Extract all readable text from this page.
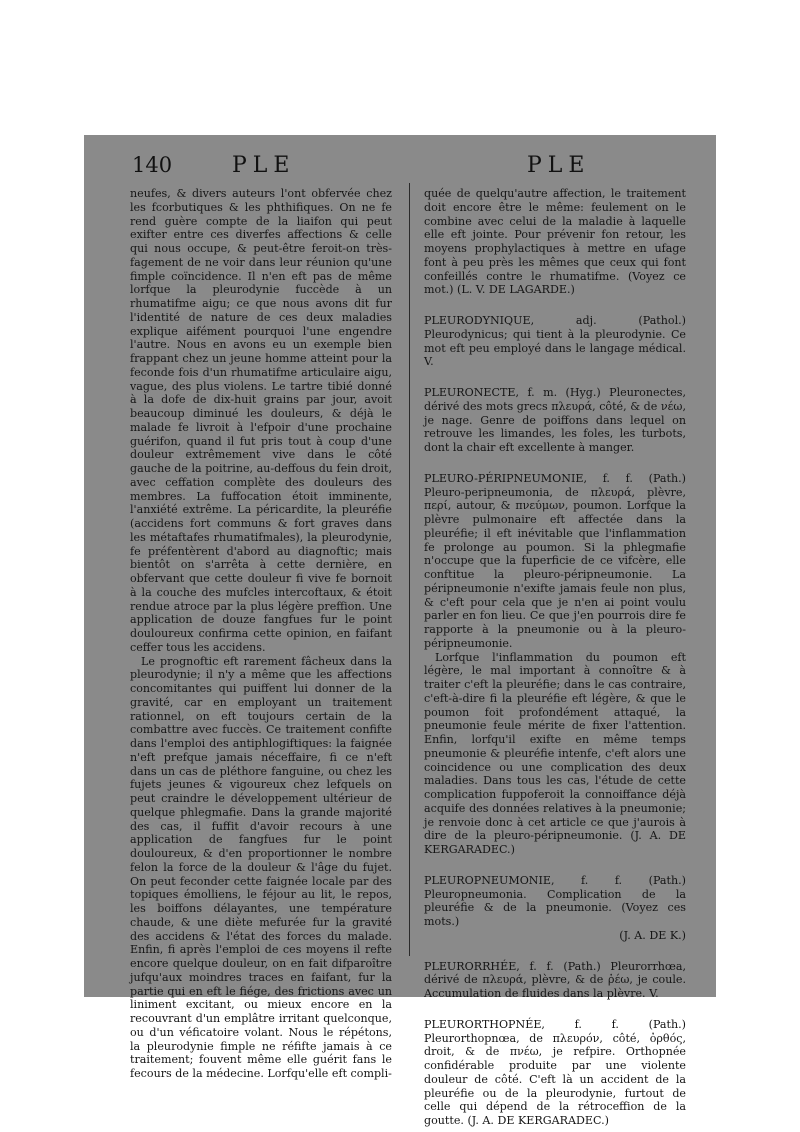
140	PLE	PLE

neufes, & divers auteurs l'ont obfervée chez les fcorbutiques & les phthifiques. On ne fe rend guère compte de la liaifon qui peut exifter entre ces diverfes affections & celle qui nous occupe, & peut-être feroit-on très-fagement de ne voir dans leur réunion qu'une fimple coïncidence. Il n'en eft pas de même lorfque la pleurodynie fuccède à un rhumatifme aigu; ce que nous avons dit fur l'identité de nature de ces deux maladies explique aifément pourquoi l'une engendre l'autre. Nous en avons eu un exemple bien frappant chez un jeune homme atteint pour la feconde fois d'un rhumatifme articulaire aigu, vague, des plus violens. Le tartre tibié donné à la dofe de dix-huit grains par jour, avoit beaucoup diminué les douleurs, & déjà le malade fe livroit à l'efpoir d'une prochaine guérifon, quand il fut pris tout à coup d'une douleur extrêmement vive dans le côté gauche de la poitrine, au-deffous du fein droit, avec ceffation complète des douleurs des membres. La fuffocation étoit imminente, l'anxiété extrême. La péricardite, la pleuréfie (accidens fort communs & fort graves dans les métaftafes rhumatifmales), la pleurodynie, fe préfentèrent d'abord au diagnoftic; mais bientôt on s'arrêta à cette dernière, en obfervant que cette douleur fi vive fe bornoit à la couche des mufcles intercoftaux, & étoit rendue atroce par la plus légère preffion. Une application de douze fangfues fur le point douloureux confirma cette opinion, en faifant ceffer tous les accidens.

Le prognoftic eft rarement fâcheux dans la pleurodynie; il n'y a même que les affections concomitantes qui puiffent lui donner de la gravité, car en employant un traitement rationnel, on eft toujours certain de la combattre avec fuccès. Ce traitement confifte dans l'emploi des antiphlogiftiques: la faignée n'eft prefque jamais néceffaire, fi ce n'eft dans un cas de pléthore fanguine, ou chez les fujets jeunes & vigoureux chez lefquels on peut craindre le développement ultérieur de quelque phlegmafie. Dans la grande majorité des cas, il fuffit d'avoir recours à une application de fangfues fur le point douloureux, & d'en proportionner le nombre felon la force de la douleur & l'âge du fujet. On peut feconder cette faignée locale par des topiques émolliens, le féjour au lit, le repos, les boiffons délayantes, une température chaude, & une diète mefurée fur la gravité des accidens & l'état des forces du malade. Enfin, fi après l'emploi de ces moyens il refte encore quelque douleur, on en fait difparoître jufqu'aux moindres traces en faifant, fur la partie qui en eft le fiége, des frictions avec un liniment excitant, ou mieux encore en la recouvrant d'un emplâtre irritant quelconque, ou d'un véficatoire volant. Nous le répétons, la pleurodynie fimple ne réfifte jamais à ce traitement; fouvent même elle guérit fans le fecours de la médecine. Lorfqu'elle eft compli-

quée de quelqu'autre affection, le traitement doit encore être le même: feulement on le combine avec celui de la maladie à laquelle elle eft jointe. Pour prévenir fon retour, les moyens prophylactiques à mettre en ufage font à peu près les mêmes que ceux qui font confeillés contre le rhumatifme. (Voyez ce mot.) (L. V. DE LAGARDE.)

PLEURODYNIQUE, adj. (Pathol.) Pleurodynicus; qui tient à la pleurodynie. Ce mot eft peu employé dans le langage médical. V.

PLEURONECTE, f. m. (Hyg.) Pleuronectes, dérivé des mots grecs πλευρά, côté, & de νέω, je nage. Genre de poiffons dans lequel on retrouve les limandes, les foles, les turbots, dont la chair eft excellente à manger.

PLEURO-PÉRIPNEUMONIE, f. f. (Path.) Pleuro-peripneumonia, de πλευρά, plèvre, περί, autour, & πνεύμων, poumon. Lorfque la plèvre pulmonaire eft affectée dans la pleuréfie; il eft inévitable que l'inflammation fe prolonge au poumon. Si la phlegmafie n'occupe que la fuperficie de ce vifcère, elle conftitue la pleuro-péripneumonie. La péripneumonie n'exifte jamais feule non plus, & c'eft pour cela que je n'en ai point voulu parler en fon lieu. Ce que j'en pourrois dire fe rapporte à la pneumonie ou à la pleuro-péripneumonie.

Lorfque l'inflammation du poumon eft légère, le mal important à connoître & à traiter c'eft la pleuréfie; dans le cas contraire, c'eft-à-dire fi la pleuréfie eft légère, & que le poumon foit profondément attaqué, la pneumonie feule mérite de fixer l'attention. Enfin, lorfqu'il exifte en même temps pneumonie & pleuréfie intenfe, c'eft alors une coincidence ou une complication des deux maladies. Dans tous les cas, l'étude de cette complication fuppoferoit la connoiffance déjà acquife des données relatives à la pneumonie; je renvoie donc à cet article ce que j'aurois à dire de la pleuro-péripneumonie. (J. A. DE KERGARADEC.)

PLEUROPNEUMONIE, f. f. (Path.) Pleuropneumonia. Complication de la pleuréfie & de la pneumonie. (Voyez ces mots.)

(J. A. DE K.)

PLEURORRHÉE, f. f. (Path.) Pleurorrhœa, dérivé de πλευρά, plèvre, & de ῥέω, je coule. Accumulation de fluides dans la plèvre. V.

PLEURORTHOPNÉE, f. f. (Path.) Pleurorthopnœa, de πλευρόν, côté, ὀρθός, droit, & de πνέω, je refpire. Orthopnée confidérable produite par une violente douleur de côté. C'eft là un accident de la pleuréfie ou de la pleurodynie, furtout de celle qui dépend de la rétroceffion de la goutte. (J. A. DE KERGARADEC.)
